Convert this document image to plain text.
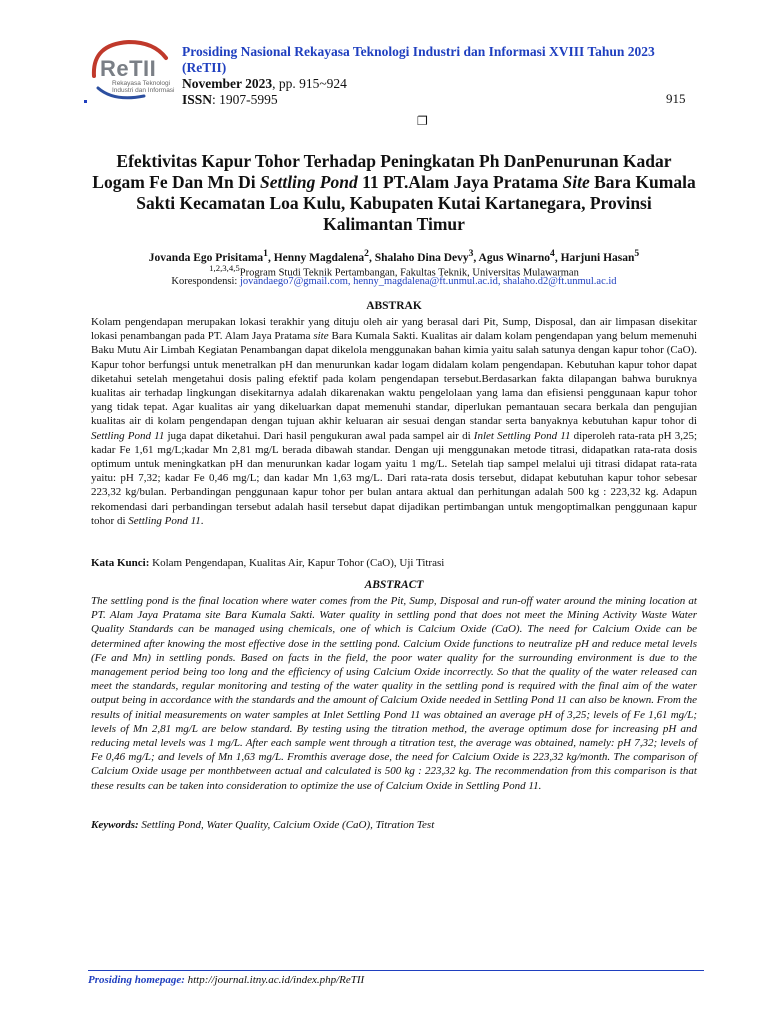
ReTII
Rekayasa Teknologi Industri dan Informasi
Prosiding Nasional Rekayasa Teknologi Industri dan Informasi XVIII Tahun 2023 (ReTII)
November 2023, pp. 915~924
ISSN: 1907-5995	915
❐
Efektivitas Kapur Tohor Terhadap Peningkatan Ph DanPenurunan Kadar Logam Fe Dan Mn Di Settling Pond 11 PT.Alam Jaya Pratama Site Bara Kumala Sakti Kecamatan Loa Kulu, Kabupaten Kutai Kartanegara, Provinsi Kalimantan Timur
Jovanda Ego Prisitama$^1$, Henny Magdalena$^2$, Shalaho Dina Devy$^3$, Agus Winarno$^4$, Harjuni Hasan$^5$
$^{1,2,3,4,5}$Program Studi Teknik Pertambangan, Fakultas Teknik, Universitas Mulawarman
Korespondensi: jovandaego7@gmail.com, henny_magdalena@ft.unmul.ac.id, shalaho.d2@ft.unmul.ac.id
ABSTRAK
Kolam pengendapan merupakan lokasi terakhir yang dituju oleh air yang berasal dari Pit, Sump, Disposal, dan air limpasan disekitar lokasi penambangan pada PT. Alam Jaya Pratama site Bara Kumala Sakti. Kualitas air dalam kolam pengendapan yang belum memenuhi Baku Mutu Air Limbah Kegiatan Penambangan dapat dikelola menggunakan bahan kimia yaitu salah satunya dengan kapur tohor (CaO). Kapur tohor berfungsi untuk menetralkan pH dan menurunkan kadar logam didalam kolam pengendapan. Kebutuhan kapur tohor dapat diketahui setelah mengetahui dosis paling efektif pada kolam pengendapan tersebut.Berdasarkan fakta dilapangan bahwa buruknya kualitas air terhadap lingkungan disekitarnya adalah dikarenakan waktu pengelolaan yang lama dan efisiensi penggunaan kapur tohor yang tidak tepat. Agar kualitas air yang dikeluarkan dapat memenuhi standar, diperlukan pemantauan secara berkala dan pengujian kualitas air di kolam pengendapan dengan tujuan akhir keluaran air sesuai dengan standar serta banyaknya kebutuhan kapur tohor di Settling Pond 11 juga dapat diketahui. Dari hasil pengukuran awal pada sampel air di Inlet Settling Pond 11 diperoleh rata-rata pH 3,25; kadar Fe 1,61 mg/L;kadar Mn 2,81 mg/L berada dibawah standar. Dengan uji menggunakan metode titrasi, didapatkan rata-rata dosis optimum untuk meningkatkan pH dan menurunkan kadar logam yaitu 1 mg/L. Setelah tiap sampel melalui uji titrasi didapat rata-rata yaitu: pH 7,32; kadar Fe 0,46 mg/L; dan kadar Mn 1,63 mg/L. Dari rata-rata dosis tersebut, didapat kebutuhan kapur tohor sebesar 223,32 kg/bulan. Perbandingan penggunaan kapur tohor per bulan antara aktual dan perhitungan adalah 500 kg : 223,32 kg. Adapun rekomendasi dari perbandingan tersebut adalah hasil tersebut dapat dijadikan pertimbangan untuk mengoptimalkan penggunaan kapur tohor di Settling Pond 11.
Kata Kunci: Kolam Pengendapan, Kualitas Air, Kapur Tohor (CaO), Uji Titrasi
ABSTRACT
The settling pond is the final location where water comes from the Pit, Sump, Disposal and run-off water around the mining location at PT. Alam Jaya Pratama site Bara Kumala Sakti. Water quality in settling pond that does not meet the Mining Activity Waste Water Quality Standards can be managed using chemicals, one of which is Calcium Oxide (CaO). The need for Calcium Oxide can be determined after knowing the most effective dose in the settling pond. Calcium Oxide functions to neutralize pH and reduce metal levels (Fe and Mn) in settling ponds. Based on facts in the field, the poor water quality for the surrounding environment is due to the management period being too long and the efficiency of using Calcium Oxide incorrectly. So that the quality of the water released can meet the standards, regular monitoring and testing of the water quality in the settling pond is required with the final aim of the water output being in accordance with the standards and the amount of Calcium Oxide needed in Settling Pond 11 can also be known. From the results of initial measurements on water samples at Inlet Settling Pond 11 was obtained an average pH of 3,25; levels of Fe 1,61 mg/L; levels of Mn 2,81 mg/L are below standard. By testing using the titration method, the average optimum dose for increasing pH and reducing metal levels was 1 mg/L. After each sample went through a titration test, the average was obtained, namely: pH 7,32; levels of Fe 0,46 mg/L; and levels of Mn 1,63 mg/L. Fromthis average dose, the need for Calcium Oxide is 223,32 kg/month. The comparison of Calcium Oxide usage per monthbetween actual and calculated is 500 kg : 223,32 kg. The recommendation from this comparison is that these results can be taken into consideration to optimize the use of Calcium Oxide in Settling Pond 11.
Keywords: Settling Pond, Water Quality, Calcium Oxide (CaO), Titration Test
Prosiding homepage: http://journal.itny.ac.id/index.php/ReTII
